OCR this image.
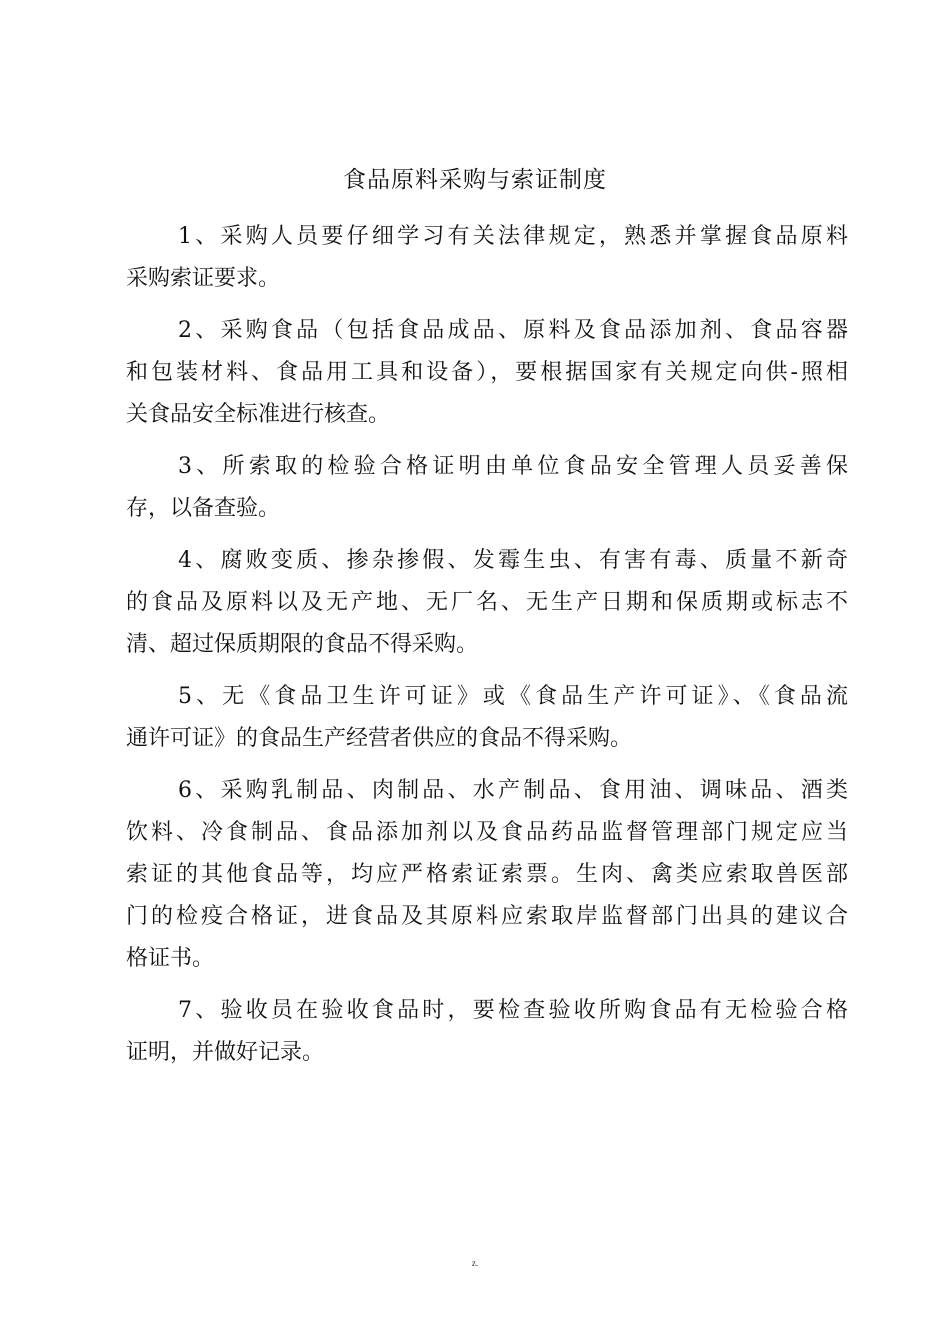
食品原料采购与索证制度
1、采购人员要仔细学习有关法律规定，熟悉并掌握食品原料
采购索证要求。
2、采购食品（包括食品成品、原料及食品添加剂、食品容器
和包装材料、食品用工具和设备），要根据国家有关规定向供-照相
关食品安全标准进行核查。
3、所索取的检验合格证明由单位食品安全管理人员妥善保
存，以备查验。
4、腐败变质、掺杂掺假、发霉生虫、有害有毒、质量不新奇
的食品及原料以及无产地、无厂名、无生产日期和保质期或标志不
清、超过保质期限的食品不得采购。
5、无《食品卫生许可证》或《食品生产许可证》、《食品流
通许可证》的食品生产经营者供应的食品不得采购。
6、采购乳制品、肉制品、水产制品、食用油、调味品、酒类
饮料、冷食制品、食品添加剂以及食品药品监督管理部门规定应当
索证的其他食品等，均应严格索证索票。生肉、禽类应索取兽医部
门的检疫合格证，进食品及其原料应索取岸监督部门出具的建议合
格证书。
7、验收员在验收食品时，要检查验收所购食品有无检验合格
证明，并做好记录。
z.
